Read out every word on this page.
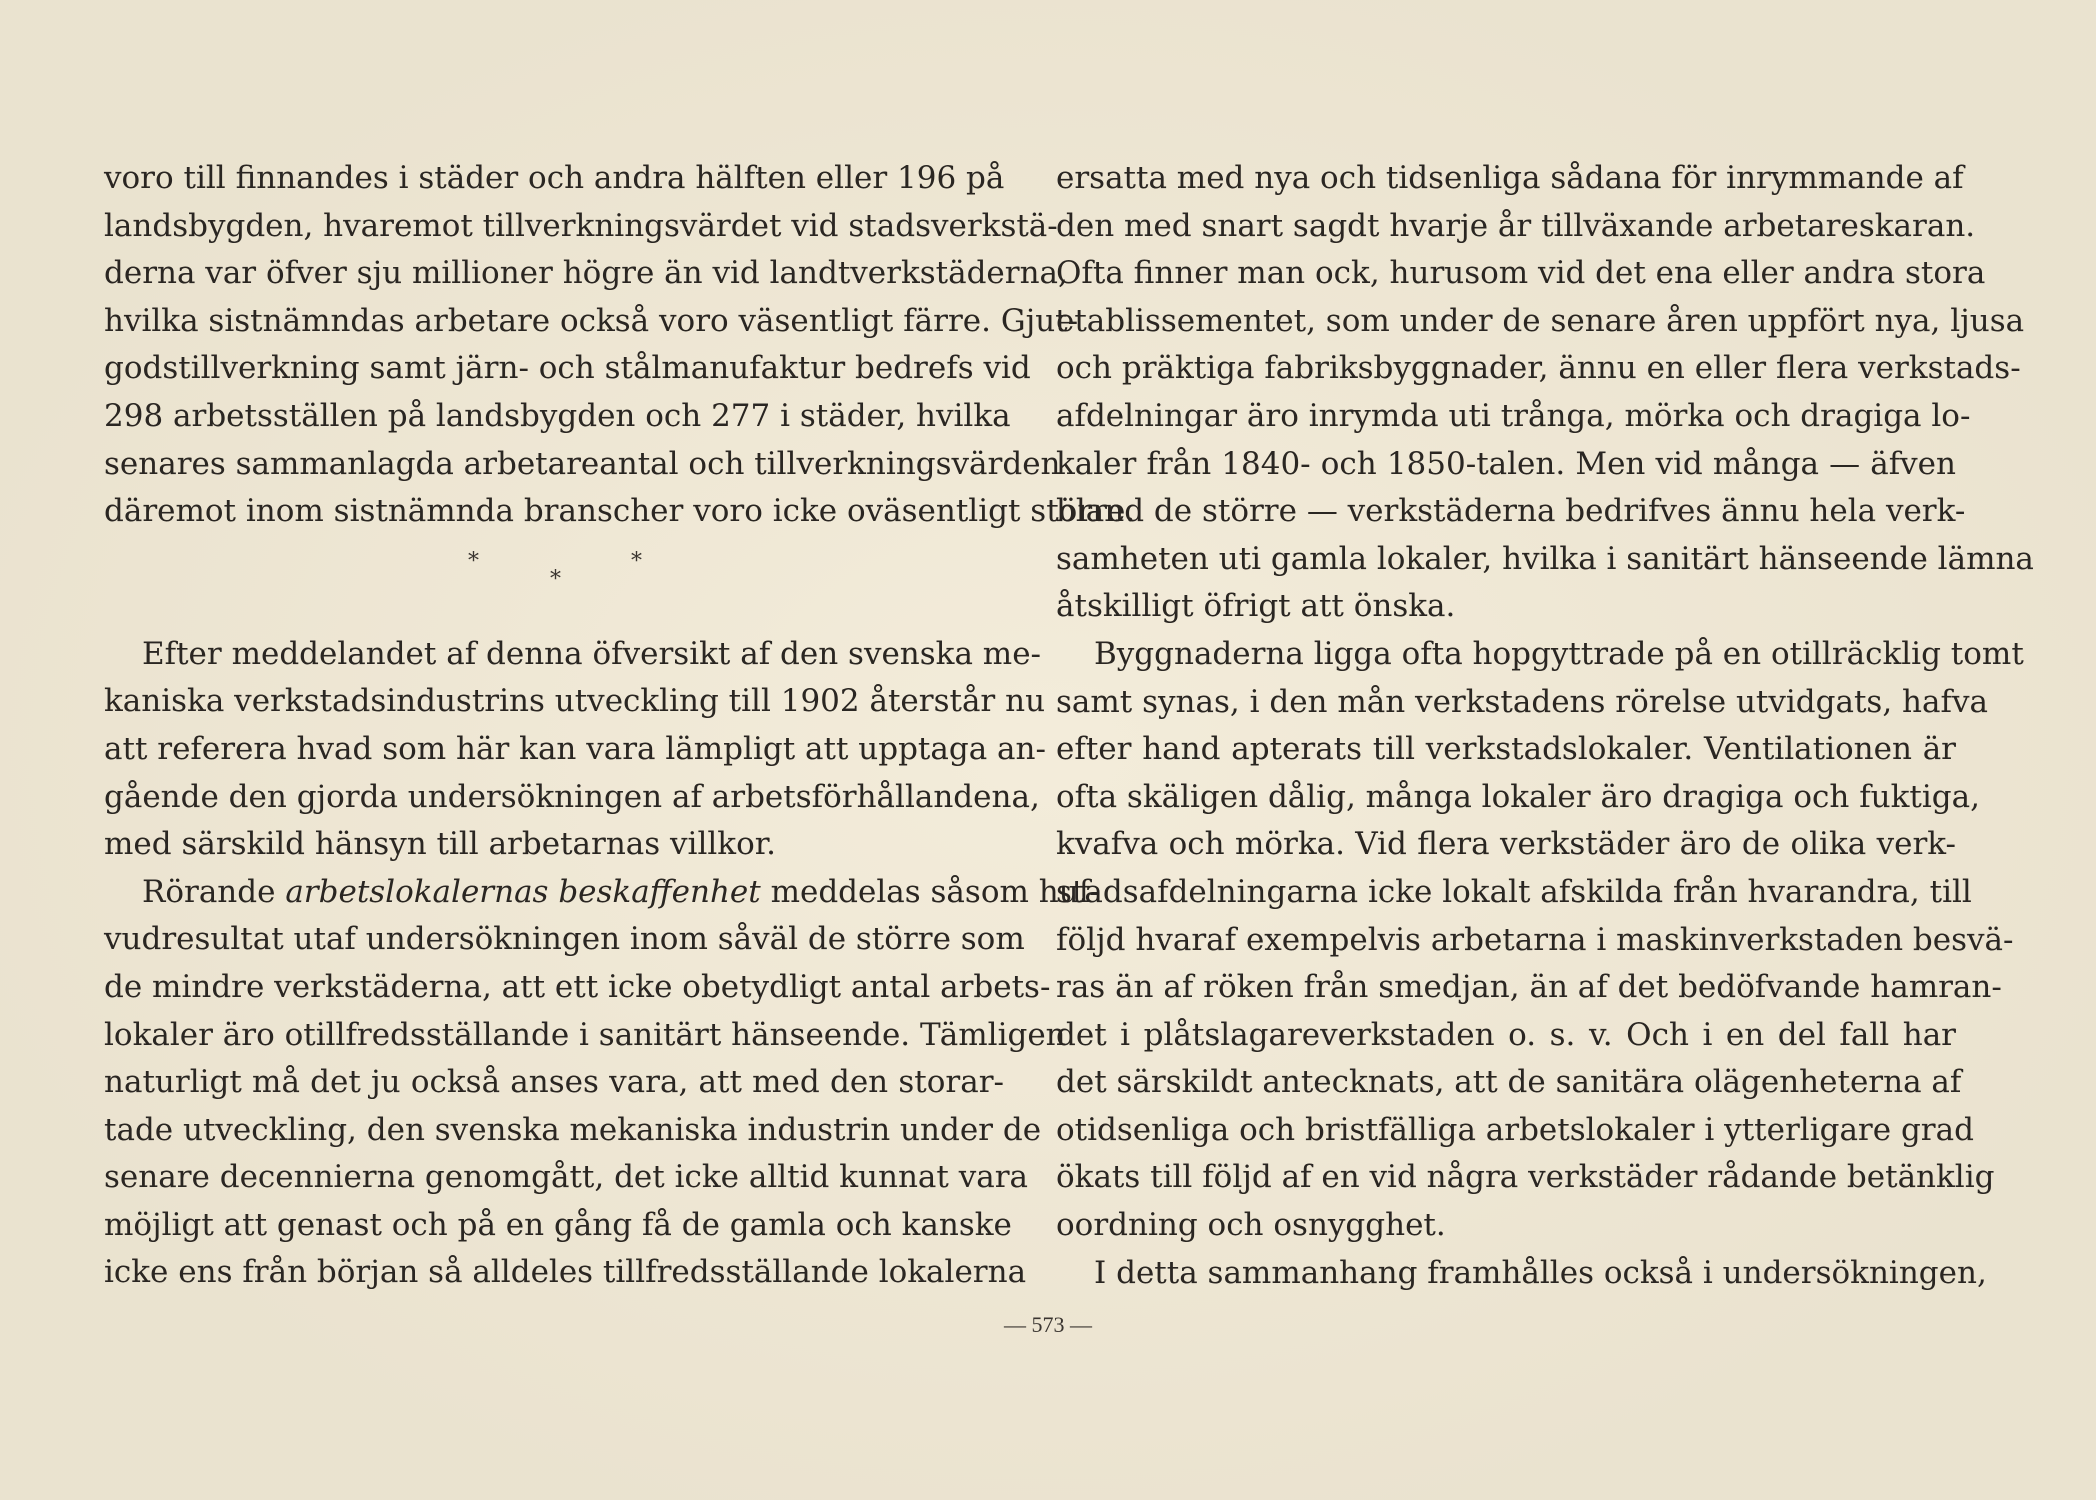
voro till finnandes i städer och andra hälften eller 196 på
landsbygden, hvaremot tillverkningsvärdet vid stadsverkstä-
derna var öfver sju millioner högre än vid landtverkstäderna,
hvilka sistnämndas arbetare också voro väsentligt färre. Gjut-
godstillverkning samt järn- och stålmanufaktur bedrefs vid
298 arbetsställen på landsbygden och 277 i städer, hvilka
senares sammanlagda arbetareantal och tillverkningsvärden
däremot inom sistnämnda branscher voro icke oväsentligt större.
*
*
*
Efter meddelandet af denna öfversikt af den svenska me-
kaniska verkstadsindustrins utveckling till 1902 återstår nu
att referera hvad som här kan vara lämpligt att upptaga an-
gående den gjorda undersökningen af arbetsförhållandena,
med särskild hänsyn till arbetarnas villkor.
Rörande arbetslokalernas beskaffenhet meddelas såsom huf-
vudresultat utaf undersökningen inom såväl de större som
de mindre verkstäderna, att ett icke obetydligt antal arbets-
lokaler äro otillfredsställande i sanitärt hänseende. Tämligen
naturligt må det ju också anses vara, att med den storar-
tade utveckling, den svenska mekaniska industrin under de
senare decennierna genomgått, det icke alltid kunnat vara
möjligt att genast och på en gång få de gamla och kanske
icke ens från början så alldeles tillfredsställande lokalerna
ersatta med nya och tidsenliga sådana för inrymmande af
den med snart sagdt hvarje år tillväxande arbetareskaran.
Ofta finner man ock, hurusom vid det ena eller andra stora
etablissementet, som under de senare åren uppfört nya, ljusa
och präktiga fabriksbyggnader, ännu en eller flera verkstads-
afdelningar äro inrymda uti trånga, mörka och dragiga lo-
kaler från 1840- och 1850-talen. Men vid många — äfven
bland de större — verkstäderna bedrifves ännu hela verk-
samheten uti gamla lokaler, hvilka i sanitärt hänseende lämna
åtskilligt öfrigt att önska.
Byggnaderna ligga ofta hopgyttrade på en otillräcklig tomt
samt synas, i den mån verkstadens rörelse utvidgats, hafva
efter hand apterats till verkstadslokaler. Ventilationen är
ofta skäligen dålig, många lokaler äro dragiga och fuktiga,
kvafva och mörka. Vid flera verkstäder äro de olika verk-
stadsafdelningarna icke lokalt afskilda från hvarandra, till
följd hvaraf exempelvis arbetarna i maskinverkstaden besvä-
ras än af röken från smedjan, än af det bedöfvande hamran-
det i plåtslagareverkstaden o. s. v. Och i en del fall har
det särskildt antecknats, att de sanitära olägenheterna af
otidsenliga och bristfälliga arbetslokaler i ytterligare grad
ökats till följd af en vid några verkstäder rådande betänklig
oordning och osnygghet.
I detta sammanhang framhålles också i undersökningen,
— 573 —
